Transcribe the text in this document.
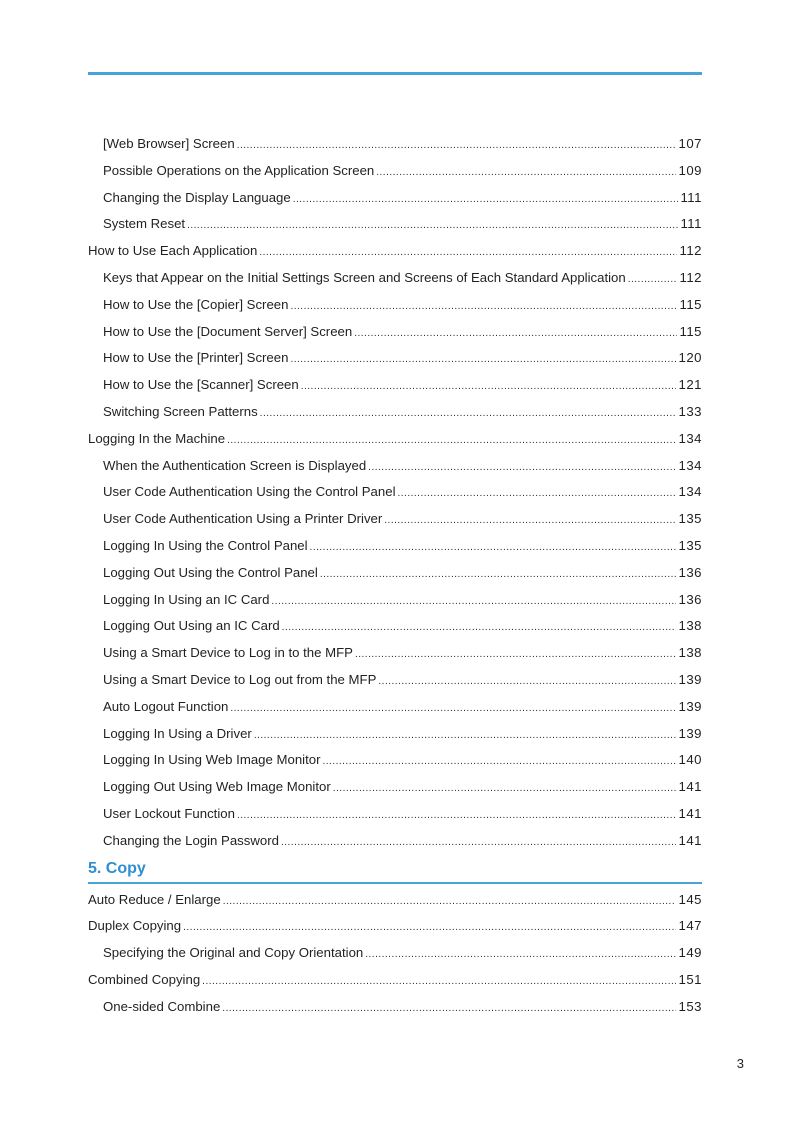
[Web Browser] Screen .....	107
Possible Operations on the Application Screen .....	109
Changing the Display Language .....	111
System Reset .....	111
How to Use Each Application .....	112
Keys that Appear on the Initial Settings Screen and Screens of Each Standard Application .....	112
How to Use the [Copier] Screen .....	115
How to Use the [Document Server] Screen .....	115
How to Use the [Printer] Screen .....	120
How to Use the [Scanner] Screen .....	121
Switching Screen Patterns .....	133
Logging In the Machine .....	134
When the Authentication Screen is Displayed .....	134
User Code Authentication Using the Control Panel .....	134
User Code Authentication Using a Printer Driver .....	135
Logging In Using the Control Panel .....	135
Logging Out Using the Control Panel .....	136
Logging In Using an IC Card .....	136
Logging Out Using an IC Card .....	138
Using a Smart Device to Log in to the MFP .....	138
Using a Smart Device to Log out from the MFP .....	139
Auto Logout Function .....	139
Logging In Using a Driver .....	139
Logging In Using Web Image Monitor .....	140
Logging Out Using Web Image Monitor .....	141
User Lockout Function .....	141
Changing the Login Password .....	141
5. Copy
Auto Reduce / Enlarge .....	145
Duplex Copying .....	147
Specifying the Original and Copy Orientation .....	149
Combined Copying .....	151
One-sided Combine .....	153
3
